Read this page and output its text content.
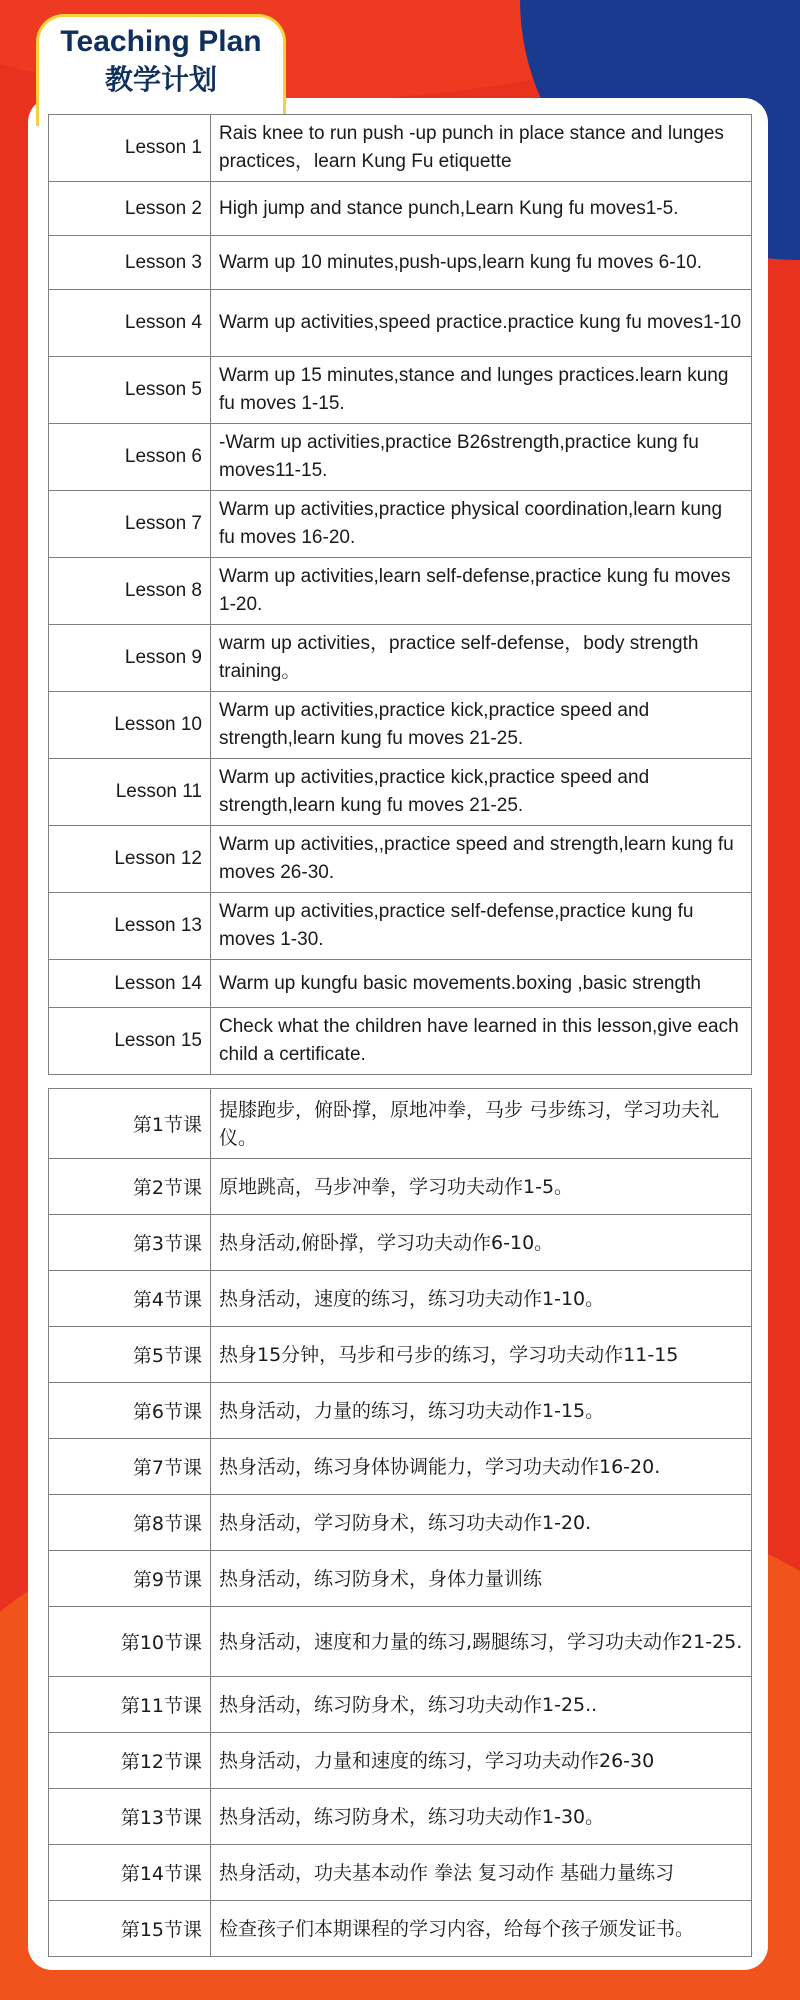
Teaching Plan
教学计划
Lesson 1	Rais knee to run push -up punch in place stance and lunges practices，learn Kung Fu etiquette
Lesson 2	High jump and stance punch,Learn Kung fu moves1-5.
Lesson 3	Warm up 10 minutes,push-ups,learn kung fu moves 6-10.
Lesson 4	Warm up activities,speed practice.practice kung fu moves1-10
Lesson 5	Warm up 15 minutes,stance and lunges practices.learn kung fu moves 1-15.
Lesson 6	-Warm up activities,practice B26strength,practice kung fu moves11-15.
Lesson 7	Warm up activities,practice physical coordination,learn kung fu moves 16-20.
Lesson 8	Warm up activities,learn self-defense,practice kung fu moves 1-20.
Lesson 9	warm up activities，practice self-defense，body strength training。
Lesson 10	Warm up activities,practice kick,practice speed and strength,learn kung fu moves 21-25.
Lesson 11	Warm up activities,practice kick,practice speed and strength,learn kung fu moves 21-25.
Lesson 12	Warm up activities,,practice speed and strength,learn kung fu moves 26-30.
Lesson 13	Warm up activities,practice self-defense,practice kung fu moves 1-30.
Lesson 14	Warm up kungfu basic movements.boxing ,basic strength
Lesson 15	Check what the children have learned in this lesson,give each child a certificate.
第1节课	提膝跑步，俯卧撑，原地冲拳，马步 弓步练习，学习功夫礼仪。
第2节课	原地跳高，马步冲拳，学习功夫动作1-5。
第3节课	热身活动,俯卧撑，学习功夫动作6-10。
第4节课	热身活动，速度的练习，练习功夫动作1-10。
第5节课	热身15分钟，马步和弓步的练习，学习功夫动作11-15
第6节课	热身活动，力量的练习，练习功夫动作1-15。
第7节课	热身活动，练习身体协调能力，学习功夫动作16-20.
第8节课	热身活动，学习防身术，练习功夫动作1-20.
第9节课	热身活动，练习防身术，身体力量训练
第10节课	热身活动，速度和力量的练习,踢腿练习，学习功夫动作21-25.
第11节课	热身活动，练习防身术，练习功夫动作1-25..
第12节课	热身活动，力量和速度的练习，学习功夫动作26-30
第13节课	热身活动，练习防身术，练习功夫动作1-30。
第14节课	热身活动，功夫基本动作 拳法 复习动作 基础力量练习
第15节课	检查孩子们本期课程的学习内容，给每个孩子颁发证书。
